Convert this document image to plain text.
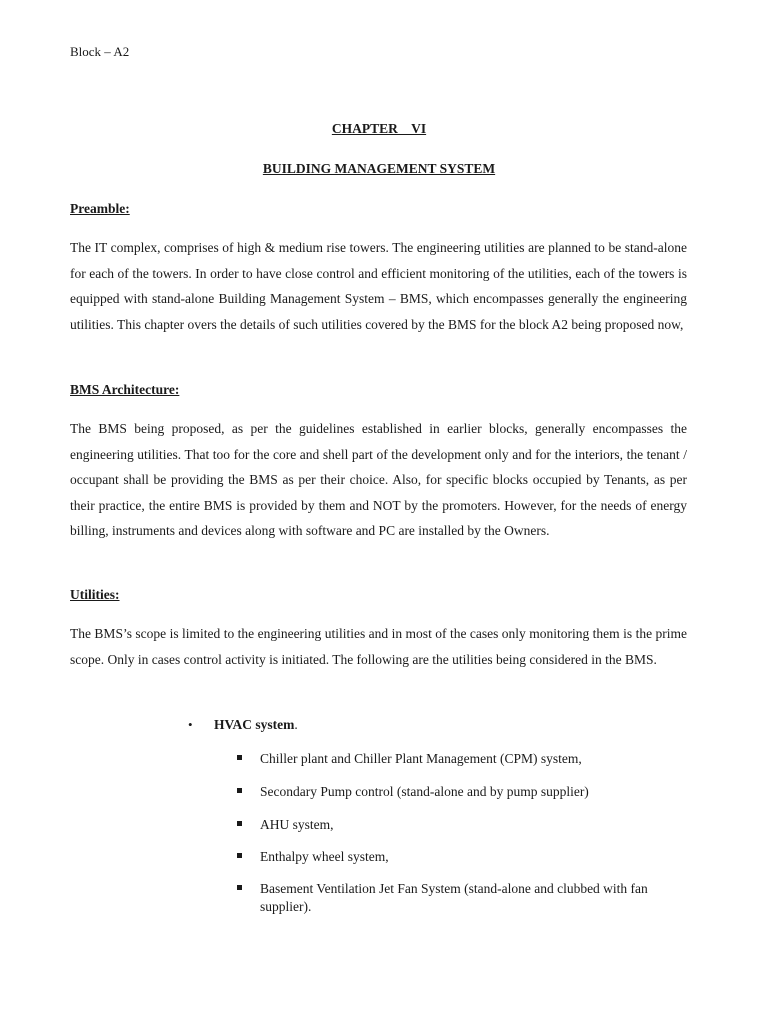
Block – A2
CHAPTER    VI
BUILDING MANAGEMENT SYSTEM
Preamble:
The IT complex, comprises of high & medium rise towers. The engineering utilities are planned to be stand-alone for each of the towers. In order to have close control and efficient monitoring of the utilities, each of the towers is equipped with stand-alone Building Management System – BMS, which encompasses generally the engineering utilities. This chapter overs the details of such utilities covered by the BMS for the block A2 being proposed now,
BMS Architecture:
The BMS being proposed, as per the guidelines established in earlier blocks, generally encompasses the engineering utilities. That too for the core and shell part of the development only and for the interiors, the tenant / occupant shall be providing the BMS as per their choice. Also, for specific blocks occupied by Tenants, as per their practice, the entire BMS is provided by them and NOT by the promoters. However, for the needs of energy billing, instruments and devices along with software and PC are installed by the Owners.
Utilities:
The BMS’s scope is limited to the engineering utilities and in most of the cases only monitoring them is the prime scope. Only in cases control activity is initiated. The following are the utilities being considered in the BMS.
• HVAC system.
Chiller plant and Chiller Plant Management (CPM) system,
Secondary Pump control (stand-alone and by pump supplier)
AHU system,
Enthalpy wheel system,
Basement Ventilation Jet Fan System (stand-alone and clubbed with fan supplier).
